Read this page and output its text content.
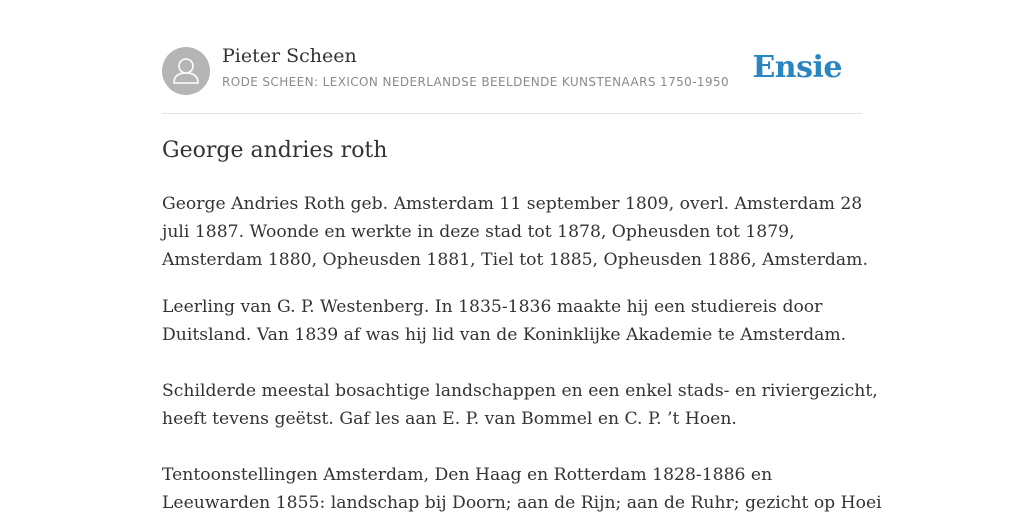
Pieter Scheen
RODE SCHEEN: LEXICON NEDERLANDSE BEELDENDE KUNSTENAARS 1750-1950 Ensie
George andries roth

George Andries Roth geb. Amsterdam 11 september 1809, overl. Amsterdam 28
juli 1887. Woonde en werkte in deze stad tot 1878, Opheusden tot 1879,
Amsterdam 1880, Opheusden 1881, Tiel tot 1885, Opheusden 1886, Amsterdam.

Leerling van G. P. Westenberg. In 1835-1836 maakte hij een studiereis door
Duitsland. Van 1839 af was hij lid van de Koninklijke Akademie te Amsterdam.

Schilderde meestal bosachtige landschappen en een enkel stads- en riviergezicht,
heeft tevens geëtst. Gaf les aan E. P. van Bommel en C. P. ’t Hoen.

Tentoonstellingen Amsterdam, Den Haag en Rotterdam 1828-1886 en
Leeuwarden 1855: landschap bij Doorn; aan de Rijn; aan de Ruhr; gezicht op Hoei
